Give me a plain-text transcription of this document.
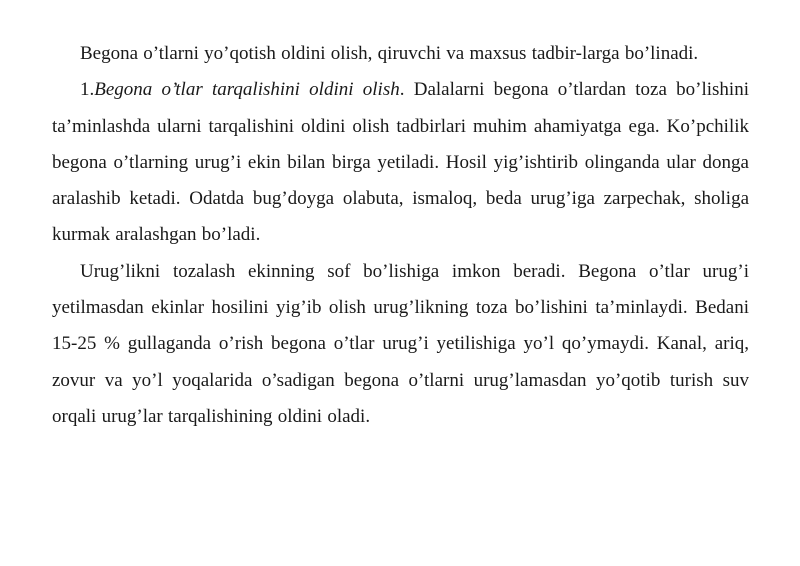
Begona o’tlarni yo’qotish oldini olish, qiruvchi va maxsus tadbir-larga bo’linadi.

1.Begona o’tlar tarqalishini oldini olish. Dalalarni begona o’tlardan toza bo’lishini ta’minlashda ularni tarqalishini oldini olish tadbirlari muhim ahamiyatga ega. Ko’pchilik begona o’tlarning urug’i ekin bilan birga yetiladi. Hosil yig’ishtirib olinganda ular donga aralashib ketadi. Odatda bug’doyga olabuta, ismaloq, beda urug’iga zarpechak, sholiga kurmak aralashgan bo’ladi.

Urug’likni tozalash ekinning sof bo’lishiga imkon beradi. Begona o’tlar urug’i yetilmasdan ekinlar hosilini yig’ib olish urug’likning toza bo’lishini ta’minlaydi. Bedani 15-25 % gullaganda o’rish begona o’tlar urug’i yetilishiga yo’l qo’ymaydi. Kanal, ariq, zovur va yo’l yoqalarida o’sadigan begona o’tlarni urug’lamasdan yo’qotib turish suv orqali urug’lar tarqalishining oldini oladi.
